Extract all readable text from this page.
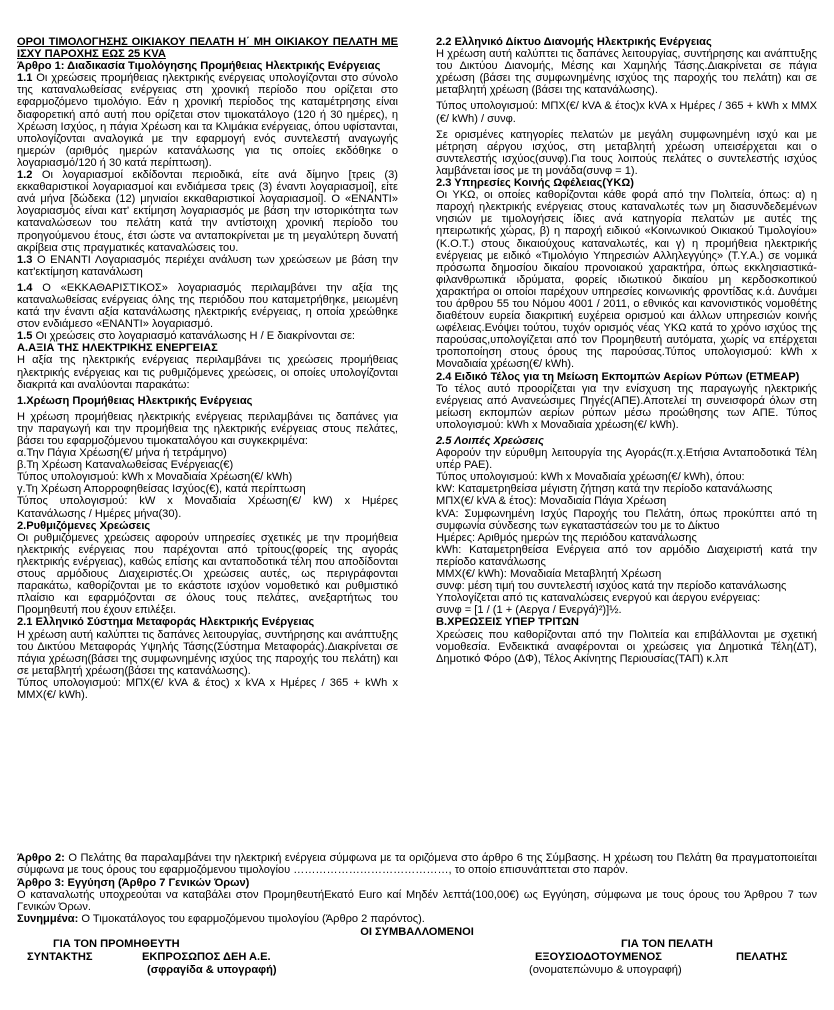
ΟΡΟΙ ΤΙΜΟΛΟΓΗΣΗΣ ΟΙΚΙΑΚΟΥ ΠΕΛΑΤΗ Η΄ ΜΗ ΟΙΚΙΑΚΟΥ ΠΕΛΑΤΗ ΜΕ ΙΣΧΥ ΠΑΡΟΧΗΣ ΕΩΣ 25 KVA

Άρθρο 1: Διαδικασία Τιμολόγησης Προμήθειας Ηλεκτρικής Ενέργειας

1.1 Οι χρεώσεις προμήθειας ηλεκτρικής ενέργειας υπολογίζονται στο σύνολο της καταναλωθείσας ενέργειας στη χρονική περίοδο που ορίζεται στο εφαρμοζόμενο τιμολόγιο. Εάν η χρονική περίοδος της καταμέτρησης είναι διαφορετική από αυτή που ορίζεται στον τιμοκατάλογο (120 ή 30 ημέρες), η Χρέωση Ισχύος, η πάγια Χρέωση και τα Κλιμάκια ενέργειας, όπου υφίστανται, υπολογίζονται αναλογικά με την εφαρμογή ενός συντελεστή αναγωγής ημερών (αριθμός ημερών κατανάλωσης για τις οποίες εκδόθηκε ο λογαριασμό/120 ή 30 κατά περίπτωση).

1.2 Οι λογαριασμοί εκδίδονται περιοδικά, είτε ανά δίμηνο [τρεις (3) εκκαθαριστικοί λογαριασμοί και ενδιάμεσα τρεις (3) έναντι λογαριασμοί], είτε ανά μήνα [δώδεκα (12) μηνιαίοι εκκαθαριστικοί λογαριασμοί]. Ο «ΕΝΑΝΤΙ» λογαριασμός είναι κατ' εκτίμηση λογαριασμός με βάση την ιστορικότητα των καταναλώσεων του πελάτη κατά την αντίστοιχη χρονική περίοδο του προηγούμενου έτους, έτσι ώστε να ανταποκρίνεται με τη μεγαλύτερη δυνατή ακρίβεια στις πραγματικές καταναλώσεις του.

1.3 Ο ΕΝΑΝΤΙ Λογαριασμός περιέχει ανάλυση των χρεώσεων με βάση την κατ'εκτίμηση κατανάλωση

1.4 Ο «ΕΚΚΑΘΑΡΙΣΤΙΚΟΣ» λογαριασμός περιλαμβάνει την αξία της καταναλωθείσας ενέργειας όλης της περιόδου που καταμετρήθηκε, μειωμένη κατά την έναντι αξία κατανάλωσης ηλεκτρικής ενέργειας, η οποία χρεώθηκε στον ενδιάμεσο «ΕΝΑΝΤΙ» λογαριασμό.

1.5 Οι χρεώσεις στο λογαριασμό κατανάλωσης Η / Ε διακρίνονται σε:

Α.ΑΞΙΑ ΤΗΣ ΗΛΕΚΤΡΙΚΗΣ ΕΝΕΡΓΕΙΑΣ

Η αξία της ηλεκτρικής ενέργειας περιλαμβάνει τις χρεώσεις προμήθειας ηλεκτρικής ενέργειας και τις ρυθμιζόμενες χρεώσεις, οι οποίες υπολογίζονται διακριτά και αναλύονται παρακάτω:

1.Χρέωση Προμήθειας Ηλεκτρικής Ενέργειας

Η χρέωση προμήθειας ηλεκτρικής ενέργειας περιλαμβάνει τις δαπάνες για την παραγωγή και την προμήθεια της ηλεκτρικής ενέργειας στους πελάτες, βάσει του εφαρμοζόμενου τιμοκαταλόγου και συγκεκριμένα:

α.Την Πάγια Χρέωση(€/ μήνα ή τετράμηνο)

β.Τη Χρέωση Καταναλωθείσας Ενέργειας(€)

Τύπος υπολογισμού: kWh x Μοναδιαία Χρέωση(€/ kWh)

γ.Τη Χρέωση Απορροφηθείσας Ισχύος(€), κατά περίπτωση

Τύπος υπολογισμού: kW x Μοναδιαία Χρέωση(€/ kW) x Ημέρες Κατανάλωσης / Ημέρες μήνα(30).

2.Ρυθμιζόμενες Χρεώσεις

Οι ρυθμιζόμενες χρεώσεις αφορούν υπηρεσίες σχετικές με την προμήθεια ηλεκτρικής ενέργειας που παρέχονται από τρίτους(φορείς της αγοράς ηλεκτρικής ενέργειας), καθώς επίσης και ανταποδοτικά τέλη που αποδίδονται στους αρμόδιους Διαχειριστές.Οι χρεώσεις αυτές, ως περιγράφονται παρακάτω, καθορίζονται με το εκάστοτε ισχύον νομοθετικό και ρυθμιστικό πλαίσιο και εφαρμόζονται σε όλους τους πελάτες, ανεξαρτήτως του Προμηθευτή που έχουν επιλέξει.

2.1 Ελληνικό Σύστημα Μεταφοράς Ηλεκτρικής Ενέργειας

Η χρέωση αυτή καλύπτει τις δαπάνες λειτουργίας, συντήρησης και ανάπτυξης του Δικτύου Μεταφοράς Υψηλής Τάσης(Σύστημα Μεταφοράς).Διακρίνεται σε πάγια χρέωση(βάσει της συμφωνημένης ισχύος της παροχής του πελάτη) και σε μεταβλητή χρέωση(βάσει της κατανάλωσης).

Τύπος υπολογισμού: ΜΠΧ(€/ kVA & έτος) x kVA x Ημέρες / 365 + kWh x ΜΜΧ(€/ kWh).

2.2 Ελληνικό Δίκτυο Διανομής Ηλεκτρικής Ενέργειας

Η χρέωση αυτή καλύπτει τις δαπάνες λειτουργίας, συντήρησης και ανάπτυξης του Δικτύου Διανομής, Μέσης και Χαμηλής Τάσης.Διακρίνεται σε πάγια χρέωση (βάσει της συμφωνημένης ισχύος της παροχής του πελάτη) και σε μεταβλητή χρέωση (βάσει της κατανάλωσης).

Τύπος υπολογισμού: ΜΠΧ(€/ kVA & έτος)x kVA x Ημέρες / 365 + kWh x ΜΜΧ (€/ kWh) / συνφ.

Σε ορισμένες κατηγορίες πελατών με μεγάλη συμφωνημένη ισχύ και με μέτρηση αέργου ισχύος, στη μεταβλητή χρέωση υπεισέρχεται και ο συντελεστής ισχύος(συνφ).Για τους λοιπούς πελάτες ο συντελεστής ισχύος λαμβάνεται ίσος με τη μονάδα(συνφ = 1).

2.3 Υπηρεσίες Κοινής Ωφέλειας(ΥΚΩ)

Οι ΥΚΩ, οι οποίες καθορίζονται κάθε φορά από την Πολιτεία, όπως: α) η παροχή ηλεκτρικής ενέργειας στους καταναλωτές των μη διασυνδεδεμένων νησιών με τιμολογήσεις ίδιες ανά κατηγορία πελατών με αυτές της ηπειρωτικής χώρας, β) η παροχή ειδικού «Κοινωνικού Οικιακού Τιμολογίου» (Κ.Ο.Τ.) στους δικαιούχους καταναλωτές, και γ) η προμήθεια ηλεκτρικής ενέργειας με ειδικό «Τιμολόγιο Υπηρεσιών Αλληλεγγύης» (Τ.Υ.Α.) σε νομικά πρόσωπα δημοσίου δικαίου προνοιακού χαρακτήρα, όπως εκκλησιαστικά-φιλανθρωπικά ιδρύματα, φορείς ιδιωτικού δικαίου μη κερδοσκοπικού χαρακτήρα οι οποίοι παρέχουν υπηρεσίες κοινωνικής φροντίδας κ.ά. Δυνάμει του άρθρου 55 του Νόμου 4001 / 2011, ο εθνικός και κανονιστικός νομοθέτης διαθέτουν ευρεία διακριτική ευχέρεια ορισμού και άλλων υπηρεσιών κοινής ωφέλειας.Ενόψει τούτου, τυχόν ορισμός νέας ΥΚΩ κατά το χρόνο ισχύος της παρούσας,υπολογίζεται από τον Προμηθευτή αυτόματα, χωρίς να επέρχεται τροποποίηση στους όρους της παρούσας.Τύπος υπολογισμού: kWh x Μοναδιαία χρέωση(€/ kWh).

2.4 Ειδικό Τέλος για τη Μείωση Εκπομπών Αερίων Ρύπων (ΕΤΜΕΑΡ)

Το τέλος αυτό προορίζεται για την ενίσχυση της παραγωγής ηλεκτρικής ενέργειας από Ανανεώσιμες Πηγές(ΑΠΕ).Αποτελεί τη συνεισφορά όλων στη μείωση εκπομπών αερίων ρύπων μέσω προώθησης των ΑΠΕ. Τύπος υπολογισμού: kWh x Μοναδιαία χρέωση(€/ kWh).

2.5 Λοιπές Χρεώσεις

Αφορούν την εύρυθμη λειτουργία της Αγοράς(π.χ.Ετήσια Ανταποδοτικά Τέλη υπέρ ΡΑΕ).

Τύπος υπολογισμού: kWh x Μοναδιαία χρέωση(€/ kWh), όπου:

kW: Καταμετρηθείσα μέγιστη ζήτηση κατά την περίοδο κατανάλωσης

ΜΠΧ(€/ kVA & έτος): Μοναδιαία Πάγια Χρέωση

kVA: Συμφωνημένη Ισχύς Παροχής του Πελάτη, όπως προκύπτει από τη συμφωνία σύνδεσης των εγκαταστάσεών του με το Δίκτυο

Ημέρες: Αριθμός ημερών της περιόδου κατανάλωσης

kWh: Καταμετρηθείσα Ενέργεια από τον αρμόδιο Διαχειριστή κατά την περίοδο κατανάλωσης

ΜΜΧ(€/ kWh): Μοναδιαία Μεταβλητή Χρέωση

συνφ: μέση τιμή του συντελεστή ισχύος κατά την περίοδο κατανάλωσης

Υπολογίζεται από τις καταναλώσεις ενεργού και άεργου ενέργειας:

συνφ = [1 / (1 + (Αεργα / Ενεργά)²)]½.

Β.ΧΡΕΩΣΕΙΣ ΥΠΕΡ ΤΡΙΤΩΝ

Χρεώσεις που καθορίζονται από την Πολιτεία και επιβάλλονται με σχετική νομοθεσία. Ενδεικτικά αναφέρονται οι χρεώσεις για Δημοτικά Τέλη(ΔΤ), Δημοτικό Φόρο (ΔΦ), Τέλος Ακίνητης Περιουσίας(ΤΑΠ) κ.λπ

Άρθρο 2: Ο Πελάτης θα παραλαμβάνει την ηλεκτρική ενέργεια σύμφωνα με τα οριζόμενα στο άρθρο 6 της Σύμβασης. Η χρέωση του Πελάτη θα πραγματοποιείται σύμφωνα με τους όρους του εφαρμοζόμενου τιμολογίου ……………………………………, το οποίο επισυνάπτεται στο παρόν.

Άρθρο 3: Εγγύηση (Άρθρο 7 Γενικών Όρων)

Ο καταναλωτής υποχρεούται να καταβάλει στον ΠρομηθευτήΕκατό Euro καί Μηδέν λεπτά(100,00€) ως Εγγύηση, σύμφωνα με τους όρους του Άρθρου 7 των Γενικών Όρων.

Συνημμένα: Ο Τιμοκατάλογος του εφαρμοζόμενου τιμολογίου (Άρθρο 2 παρόντος).

ΟΙ ΣΥΜΒΑΛΛΟΜΕΝΟΙ

ΓΙΑ ΤΟΝ ΠΡΟΜΗΘΕΥΤΗ	ΓΙΑ ΤΟΝ ΠΕΛΑΤΗ
ΣΥΝΤΑΚΤΗΣ	ΕΚΠΡΟΣΩΠΟΣ ΔΕΗ Α.Ε.	ΕΞΟΥΣΙΟΔΟΤΟΥΜΕΝΟΣ	ΠΕΛΑΤΗΣ
(σφραγίδα & υπογραφή)	(ονοματεπώνυμο & υπογραφή)
